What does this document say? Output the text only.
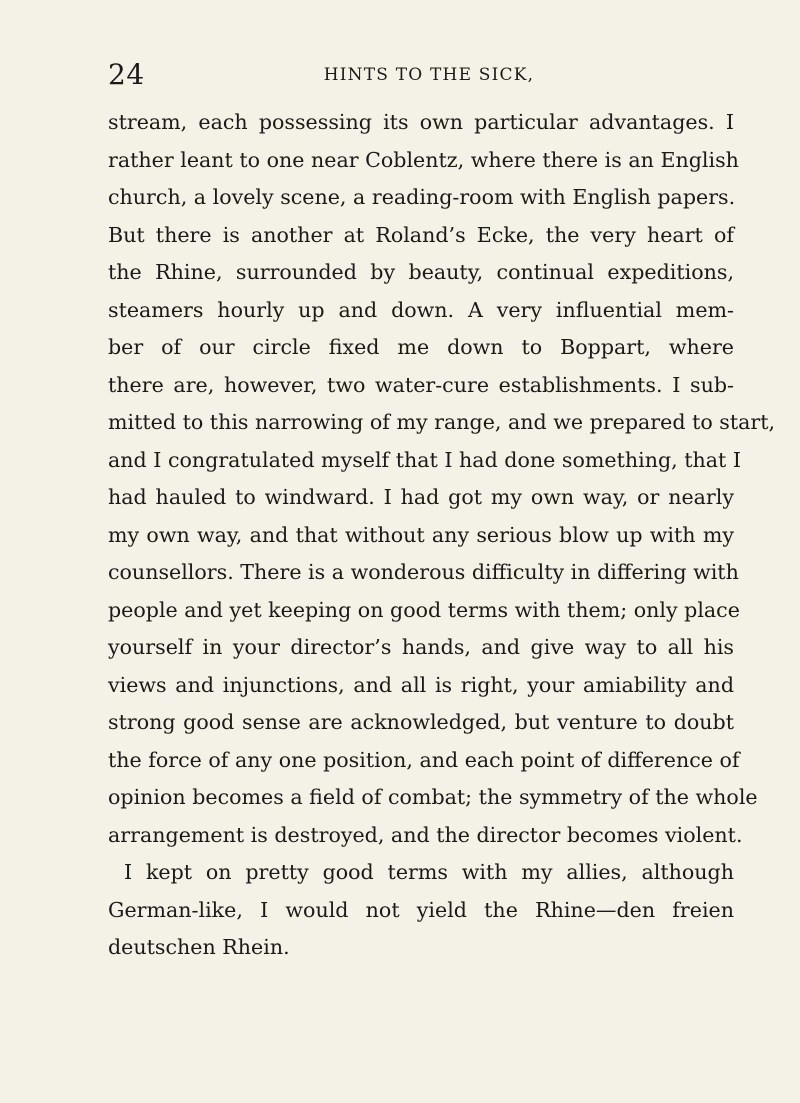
24	HINTS TO THE SICK,
stream, each possessing its own particular advantages. I
rather leant to one near Coblentz, where there is an English
church, a lovely scene, a reading-room with English papers.
But there is another at Roland’s Ecke, the very heart of
the Rhine, surrounded by beauty, continual expeditions,
steamers hourly up and down. A very influential mem-
ber of our circle fixed me down to Boppart, where
there are, however, two water-cure establishments. I sub-
mitted to this narrowing of my range, and we prepared to start,
and I congratulated myself that I had done something, that I
had hauled to windward. I had got my own way, or nearly
my own way, and that without any serious blow up with my
counsellors. There is a wonderous difficulty in differing with
people and yet keeping on good terms with them; only place
yourself in your director’s hands, and give way to all his
views and injunctions, and all is right, your amiability and
strong good sense are acknowledged, but venture to doubt
the force of any one position, and each point of difference of
opinion becomes a field of combat; the symmetry of the whole
arrangement is destroyed, and the director becomes violent.
I kept on pretty good terms with my allies, although
German-like, I would not yield the Rhine—den freien
deutschen Rhein.
